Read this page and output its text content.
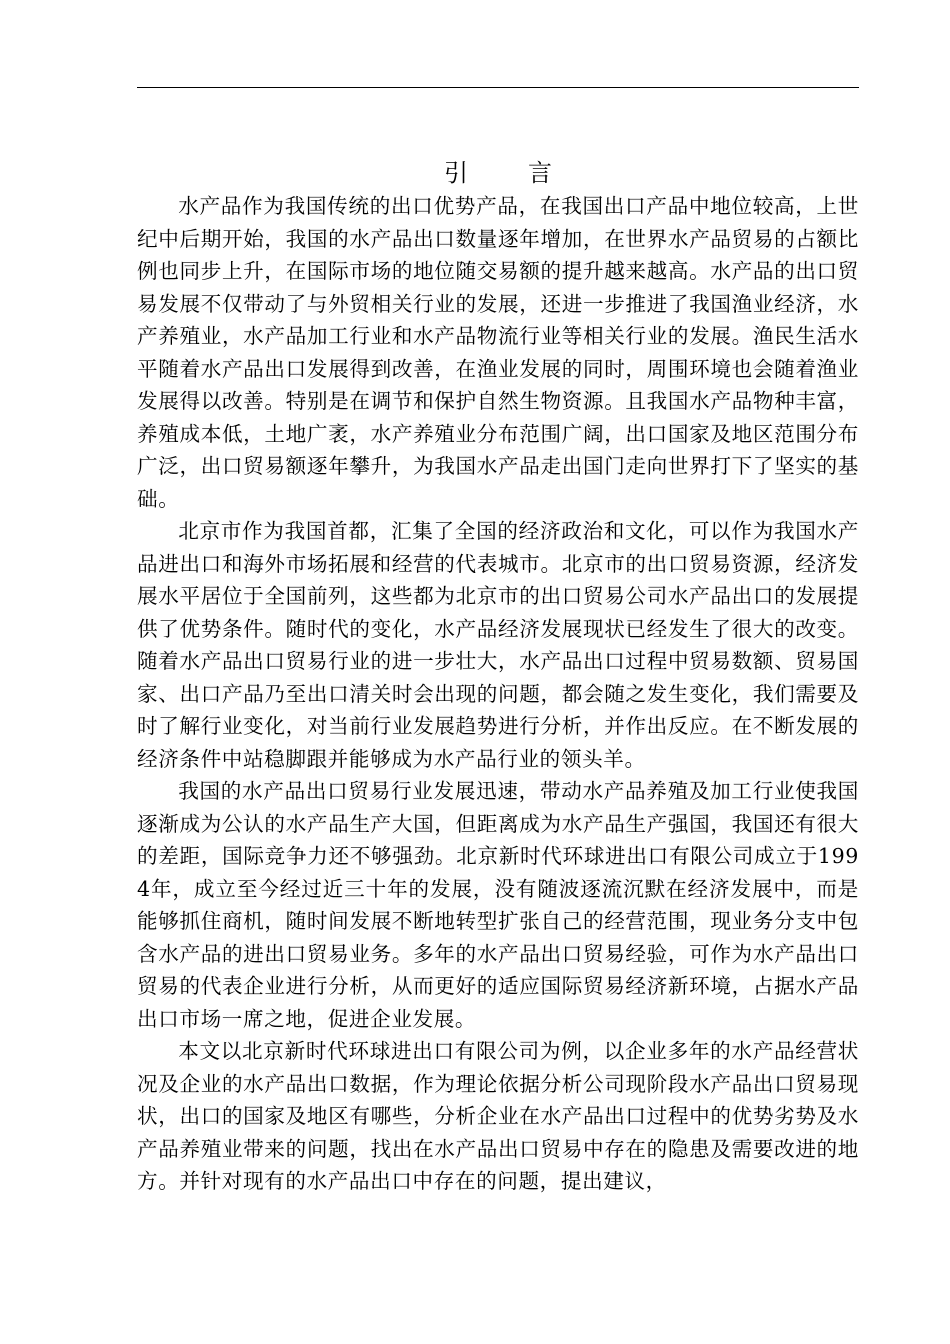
引言

水产品作为我国传统的出口优势产品，在我国出口产品中地位较高，上世纪中后期开始，我国的水产品出口数量逐年增加，在世界水产品贸易的占额比例也同步上升，在国际市场的地位随交易额的提升越来越高。水产品的出口贸易发展不仅带动了与外贸相关行业的发展，还进一步推进了我国渔业经济，水产养殖业，水产品加工行业和水产品物流行业等相关行业的发展。渔民生活水平随着水产品出口发展得到改善，在渔业发展的同时，周围环境也会随着渔业发展得以改善。特别是在调节和保护自然生物资源。且我国水产品物种丰富，养殖成本低，土地广袤，水产养殖业分布范围广阔，出口国家及地区范围分布广泛，出口贸易额逐年攀升，为我国水产品走出国门走向世界打下了坚实的基础。

北京市作为我国首都，汇集了全国的经济政治和文化，可以作为我国水产品进出口和海外市场拓展和经营的代表城市。北京市的出口贸易资源，经济发展水平居位于全国前列，这些都为北京市的出口贸易公司水产品出口的发展提供了优势条件。随时代的变化，水产品经济发展现状已经发生了很大的改变。随着水产品出口贸易行业的进一步壮大，水产品出口过程中贸易数额、贸易国家、出口产品乃至出口清关时会出现的问题，都会随之发生变化，我们需要及时了解行业变化，对当前行业发展趋势进行分析，并作出反应。在不断发展的经济条件中站稳脚跟并能够成为水产品行业的领头羊。

我国的水产品出口贸易行业发展迅速，带动水产品养殖及加工行业使我国逐渐成为公认的水产品生产大国，但距离成为水产品生产强国，我国还有很大的差距，国际竞争力还不够强劲。北京新时代环球进出口有限公司成立于1994年，成立至今经过近三十年的发展，没有随波逐流沉默在经济发展中，而是能够抓住商机，随时间发展不断地转型扩张自己的经营范围，现业务分支中包含水产品的进出口贸易业务。多年的水产品出口贸易经验，可作为水产品出口贸易的代表企业进行分析，从而更好的适应国际贸易经济新环境，占据水产品出口市场一席之地，促进企业发展。

本文以北京新时代环球进出口有限公司为例，以企业多年的水产品经营状况及企业的水产品出口数据，作为理论依据分析公司现阶段水产品出口贸易现状，出口的国家及地区有哪些，分析企业在水产品出口过程中的优势劣势及水产品养殖业带来的问题，找出在水产品出口贸易中存在的隐患及需要改进的地方。并针对现有的水产品出口中存在的问题，提出建议，
